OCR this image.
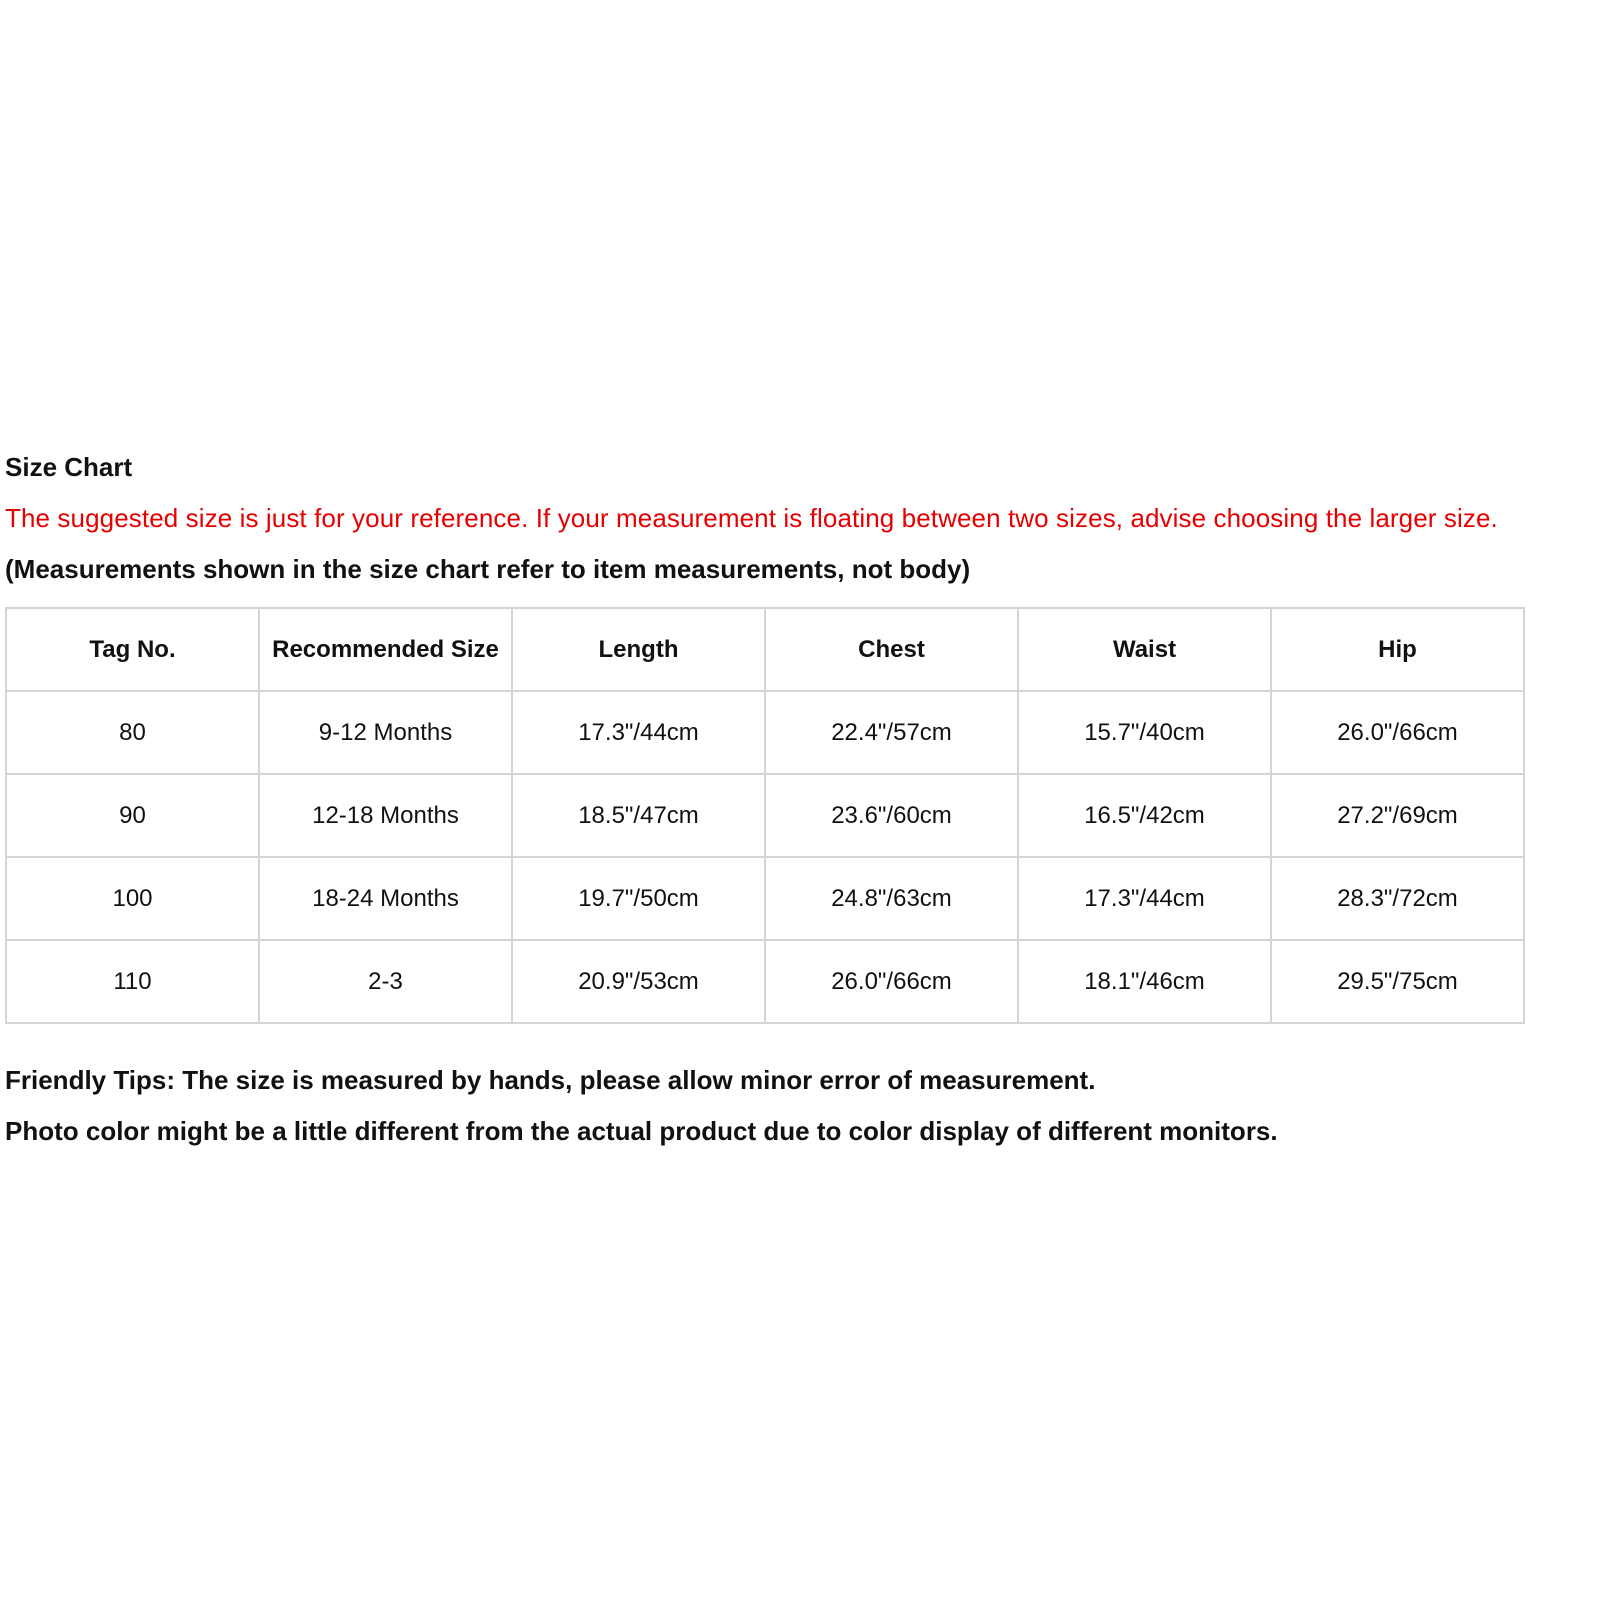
Size Chart
The suggested size is just for your reference. If your measurement is floating between two sizes, advise choosing the larger size.
(Measurements shown in the size chart refer to item measurements, not body)
Tag No.	Recommended Size	Length	Chest	Waist	Hip
80	9-12 Months	17.3"/44cm	22.4"/57cm	15.7"/40cm	26.0"/66cm
90	12-18 Months	18.5"/47cm	23.6"/60cm	16.5"/42cm	27.2"/69cm
100	18-24 Months	19.7"/50cm	24.8"/63cm	17.3"/44cm	28.3"/72cm
110	2-3	20.9"/53cm	26.0"/66cm	18.1"/46cm	29.5"/75cm
Friendly Tips: The size is measured by hands, please allow minor error of measurement.
Photo color might be a little different from the actual product due to color display of different monitors.
